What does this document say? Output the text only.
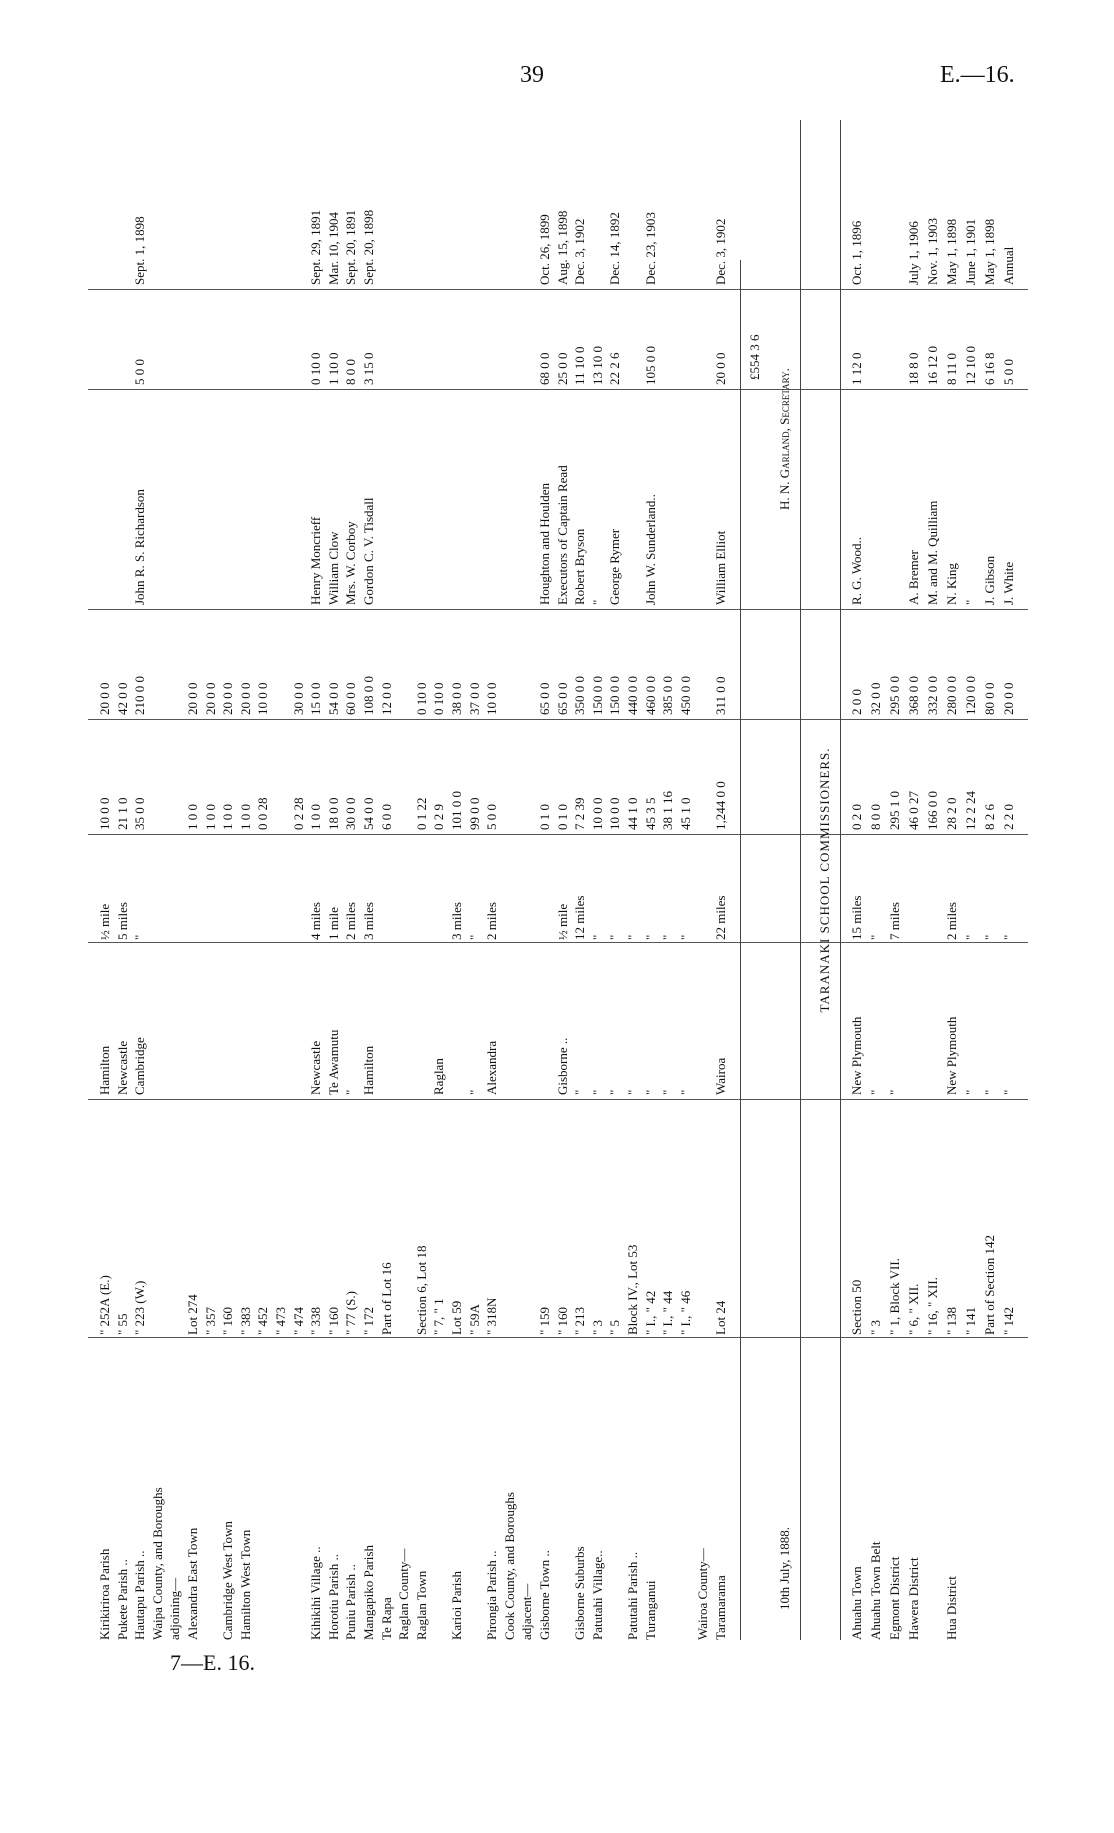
39	E.—16.
7—E. 16.
Kirikiriroa Parish
" 252A (E.)
Hamilton
½ mile
10 0 0
20 0 0
Pukete Parish ..
" 55
Newcastle
5 miles
21 1 0
42 0 0
Hautapu Parish ..
" 223 (W.)
Cambridge
"
35 0 0
210 0 0
John R. S. Richardson
5 0 0
Sept. 1, 1898
Waipa County, and Boroughs adjoining— Alexandra East Town
Lot 274
1 0 0
20 0 0
" 357
1 0 0
20 0 0
Cambridge West Town
" 160
1 0 0
20 0 0
Hamilton West Town
" 383
1 0 0
20 0 0
" 452
0 0 28
10 0 0
" 473 " 474
0 2 28
30 0 0
Kihikihi Village ..
" 338
Newcastle
4 miles
1 0 0
15 0 0
Henry Moncrieff
0 10 0
Sept. 29, 1891
Horotiu Parish ..
" 160
Te Awamutu
1 mile
18 0 0
54 0 0
William Clow
1 10 0
Mar. 10, 1904
Puniu Parish ..
" 77 (S.)
"
2 miles
30 0 0
60 0 0
Mrs. W. Corboy
8 0 0
Sept. 20, 1891
Mangapiko Parish
" 172
Hamilton
3 miles
54 0 0
108 0 0
Gordon C. V. Tisdall
3 15 0
Sept. 20, 1898
Te Rapa
Part of Lot 16
6 0 0
12 0 0
Raglan County— Raglan Town
Section 6, Lot 18
0 1 22
0 10 0
" 7, " 1
Raglan
0 2 9
0 10 0
Karioi Parish
Lot 59
3 miles
101 0 0
38 0 0
" 59A
"
"
99 0 0
37 0 0
Pirongia Parish ..
" 318N
Alexandra
2 miles
5 0 0
10 0 0
Cook County, and Boroughs adjacent— Gisborne Town ..
" 159
0 1 0
65 0 0
Houghton and Houlden
68 0 0
Oct. 26, 1899
" 160
Gisborne ..
½ mile
0 1 0
65 0 0
Executors of Captain Read
25 0 0
Aug. 15, 1898
Gisborne Suburbs
" 213
"
12 miles
7 2 39
350 0 0
Robert Bryson
11 10 0
Dec. 3, 1902
Patutahi Village..
" 3
"
"
10 0 0
150 0 0
"
13 10 0
" 5
"
"
10 0 0
150 0 0
George Rymer
22 2 6
Dec. 14, 1892
Patutahi Parish ..
Block IV., Lot 53
"
"
44 1 0
440 0 0
Turanganui
" I., " 42
"
"
45 3 5
460 0 0
John W. Sunderland..
105 0 0
Dec. 23, 1903
" I., " 44
"
"
38 1 16
385 0 0
" I., " 46
"
"
45 1 0
450 0 0
Wairoa County— Taramarama
Lot 24
Wairoa
22 miles
1,244 0 0
311 0 0
William Elliot
20 0 0
Dec. 3, 1902
£554 3 6
10th July, 1888.
H. N. Garland, Secretary.
TARANAKI SCHOOL COMMISSIONERS.
Ahuahu Town
Section 50
New Plymouth
15 miles
0 2 0
2 0 0
R. G. Wood..
1 12 0
Oct. 1, 1896
Ahuahu Town Belt
" 3
"
"
8 0 0
32 0 0
Egmont District
" 1, Block VII.
"
7 miles
295 1 0
295 0 0
Hawera District
" 6, " XII.
46 0 27
368 0 0
A. Bremer
18 8 0
July 1, 1906
" 16, " XII.
166 0 0
332 0 0
M. and M. Quilliam
16 12 0
Nov. 1, 1903
Hua District
" 138
New Plymouth
2 miles
28 2 0
280 0 0
N. King
8 11 0
May 1, 1898
" 141
"
"
12 2 24
120 0 0
"
12 10 0
June 1, 1901
Part of Section 142
"
"
8 2 6
80 0 0
J. Gibson
6 16 8
May 1, 1898
" 142
"
"
2 2 0
20 0 0
J. White
5 0 0
Annual
